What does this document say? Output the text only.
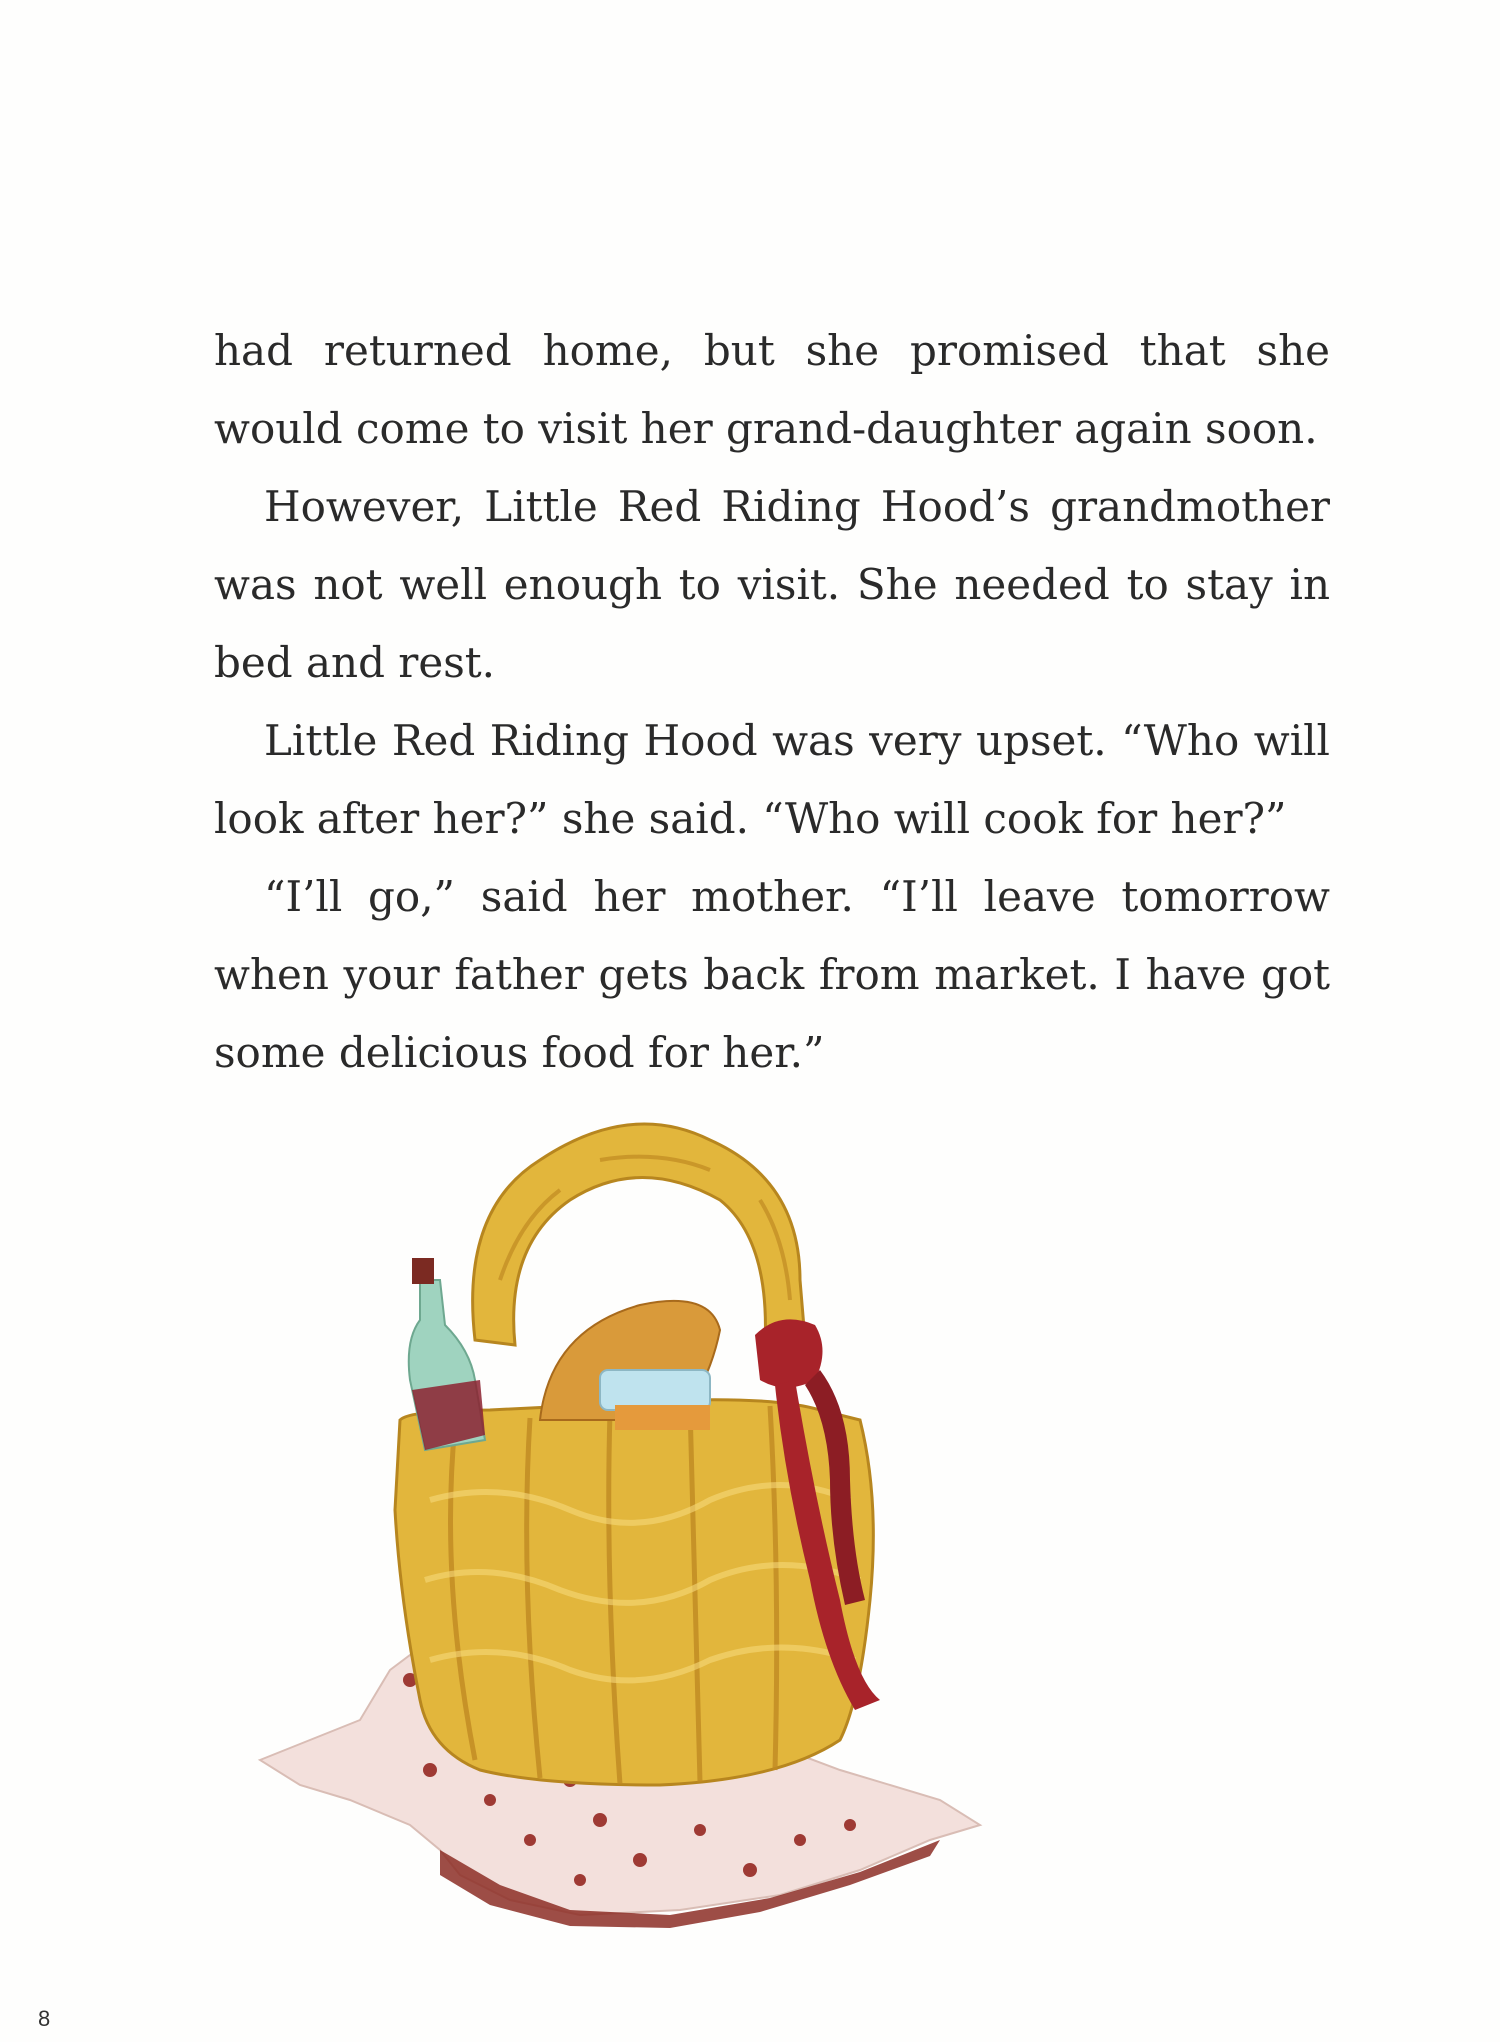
had returned home, but she promised that she would come to visit her grand-daughter again soon.

However, Little Red Riding Hood’s grandmother was not well enough to visit. She needed to stay in bed and rest.

Little Red Riding Hood was very upset. “Who will look after her?” she said. “Who will cook for her?”

“I’ll go,” said her mother. “I’ll leave tomorrow when your father gets back from market. I have got some delicious food for her.”

8
